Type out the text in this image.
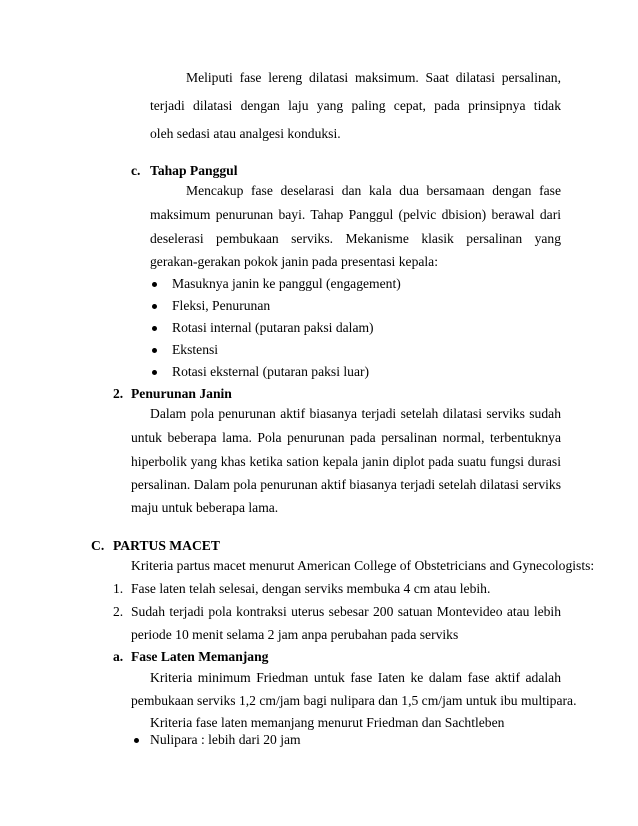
Meliputi fase lereng dilatasi maksimum. Saat dilatasi persalinan,
terjadi dilatasi dengan laju yang paling cepat, pada prinsipnya tidak
oleh sedasi atau analgesi konduksi.
c. Tahap Panggul
Mencakup fase deselarasi dan kala dua bersamaan dengan fase
maksimum penurunan bayi. Tahap Panggul (pelvic dbision) berawal dari
deselerasi pembukaan serviks. Mekanisme klasik persalinan yang
gerakan-gerakan pokok janin pada presentasi kepala:
Masuknya janin ke panggul (engagement)
Fleksi, Penurunan
Rotasi internal (putaran paksi dalam)
Ekstensi
Rotasi eksternal (putaran paksi luar)
2. Penurunan Janin
Dalam pola penurunan aktif biasanya terjadi setelah dilatasi serviks sudah
untuk beberapa lama. Pola penurunan pada persalinan normal, terbentuknya
hiperbolik yang khas ketika sation kepala janin diplot pada suatu fungsi durasi
persalinan. Dalam pola penurunan aktif biasanya terjadi setelah dilatasi serviks
maju untuk beberapa lama.
C. PARTUS MACET
Kriteria partus macet menurut American College of Obstetricians and Gynecologists:
1. Fase laten telah selesai, dengan serviks membuka 4 cm atau lebih.
2. Sudah terjadi pola kontraksi uterus sebesar 200 satuan Montevideo atau lebih
periode 10 menit selama 2 jam anpa perubahan pada serviks
a. Fase Laten Memanjang
Kriteria minimum Friedman untuk fase Iaten ke dalam fase aktif adalah
pembukaan serviks 1,2 cm/jam bagi nulipara dan 1,5 cm/jam untuk ibu multipara.
Kriteria fase laten memanjang menurut Friedman dan Sachtleben
Nulipara : lebih dari 20 jam
